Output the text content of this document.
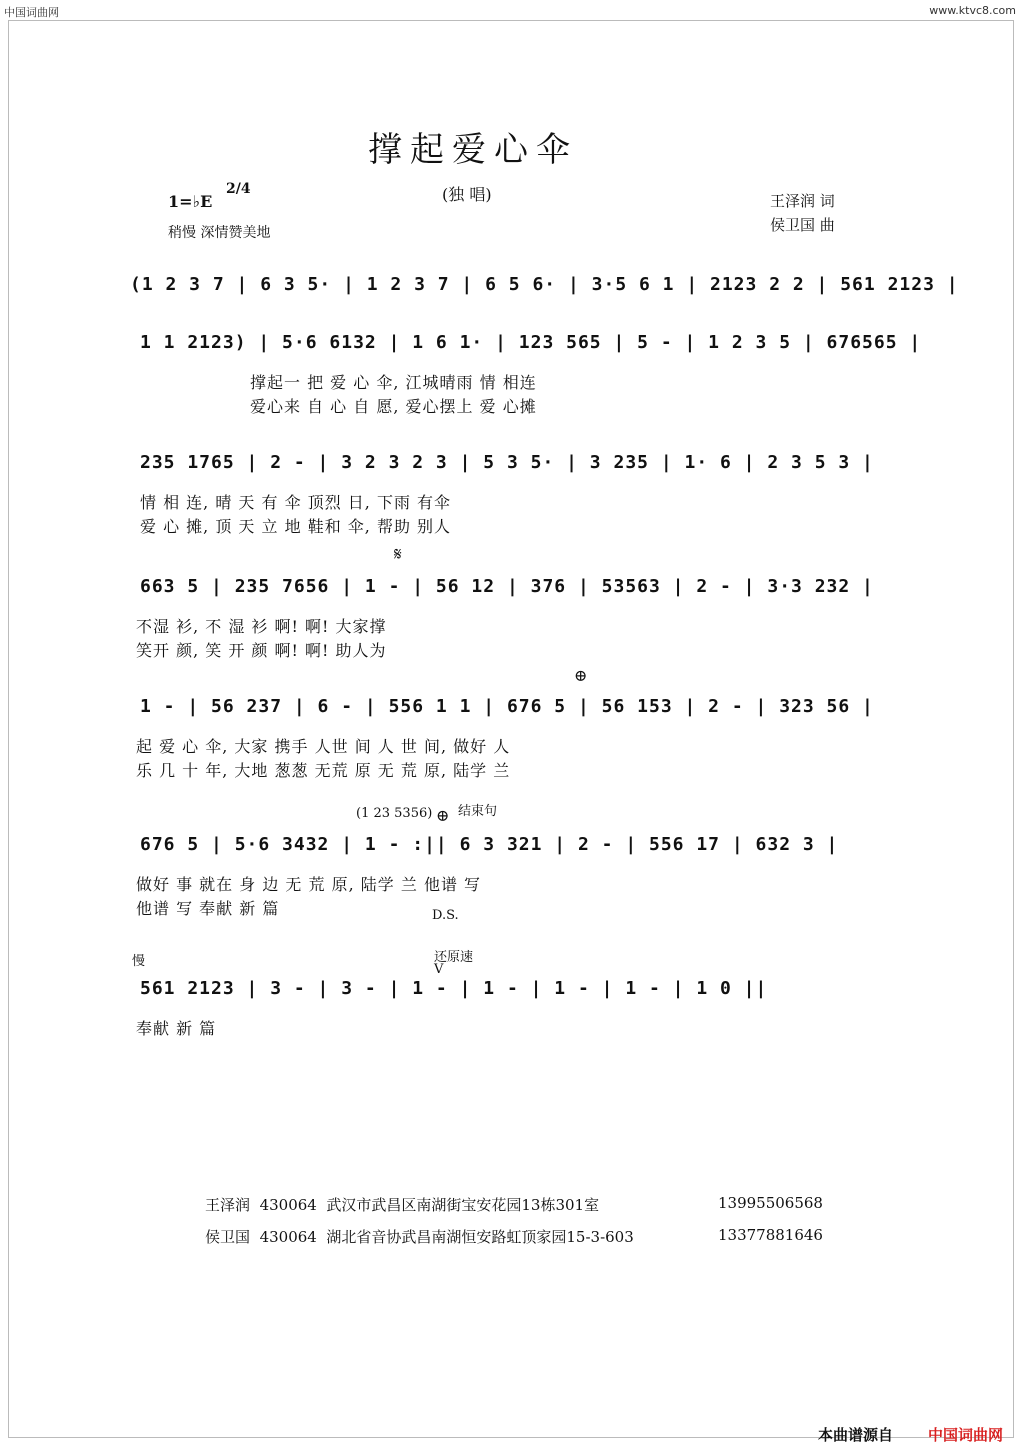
中国词曲网	www.ktvc8.com
撑起爱心伞
(独 唱)	王泽润 词
侯卫国 曲
1=♭E
2/4
稍慢 深情赞美地
(1 2 3 7 | 6 3 5· | 1 2 3 7 | 6 5 6· | 3·5 6 1 | 2123 2 2 | 561 2123 |
1 1 2123) | 5·6 6132 | 1 6 1· | 123 565 | 5 - | 1 2 3 5 | 676565 |
撑起一 把 爱 心 伞, 江城晴雨 情 相连
爱心来 自 心 自 愿, 爱心摆上 爱 心摊
235 1765 | 2 - | 3 2 3 2 3 | 5 3 5· | 3 235 | 1· 6 | 2 3 5 3 |
情 相 连, 晴 天 有 伞 顶烈 日, 下雨 有伞
爱 心 摊, 顶 天 立 地 鞋和 伞, 帮助 别人
𝄋
663 5 | 235 7656 | 1 - | 56 12 | 376 | 53563 | 2 - | 3·3 232 |
不湿 衫, 不 湿 衫 啊! 啊! 大家撑
笑开 颜, 笑 开 颜 啊! 啊! 助人为
⊕
1 - | 56 237 | 6 - | 556 1 1 | 676 5 | 56 153 | 2 - | 323 56 |
起 爱 心 伞, 大家 携手 人世 间 人 世 间, 做好 人
乐 几 十 年, 大地 葱葱 无荒 原 无 荒 原, 陆学 兰
(1 23 5356) ⊕ 结束句
676 5 | 5·6 3432 | 1 - :|| 6 3 321 | 2 - | 556 17 | 632 3 |
做好 事 就在 身 边 无 荒 原, 陆学 兰 他谱 写
他谱 写 奉献 新 篇	D.S.
慢	还原速
V
561 2123 | 3 - | 3 - | 1 - | 1 - | 1 - | 1 - | 1 0 ||
奉献 新 篇
王泽润 430064 武汉市武昌区南湖街宝安花园13栋301室	13995506568
侯卫国 430064 湖北省音协武昌南湖恒安路虹顶家园15-3-603	13377881646
本曲谱源自 中国词曲网
